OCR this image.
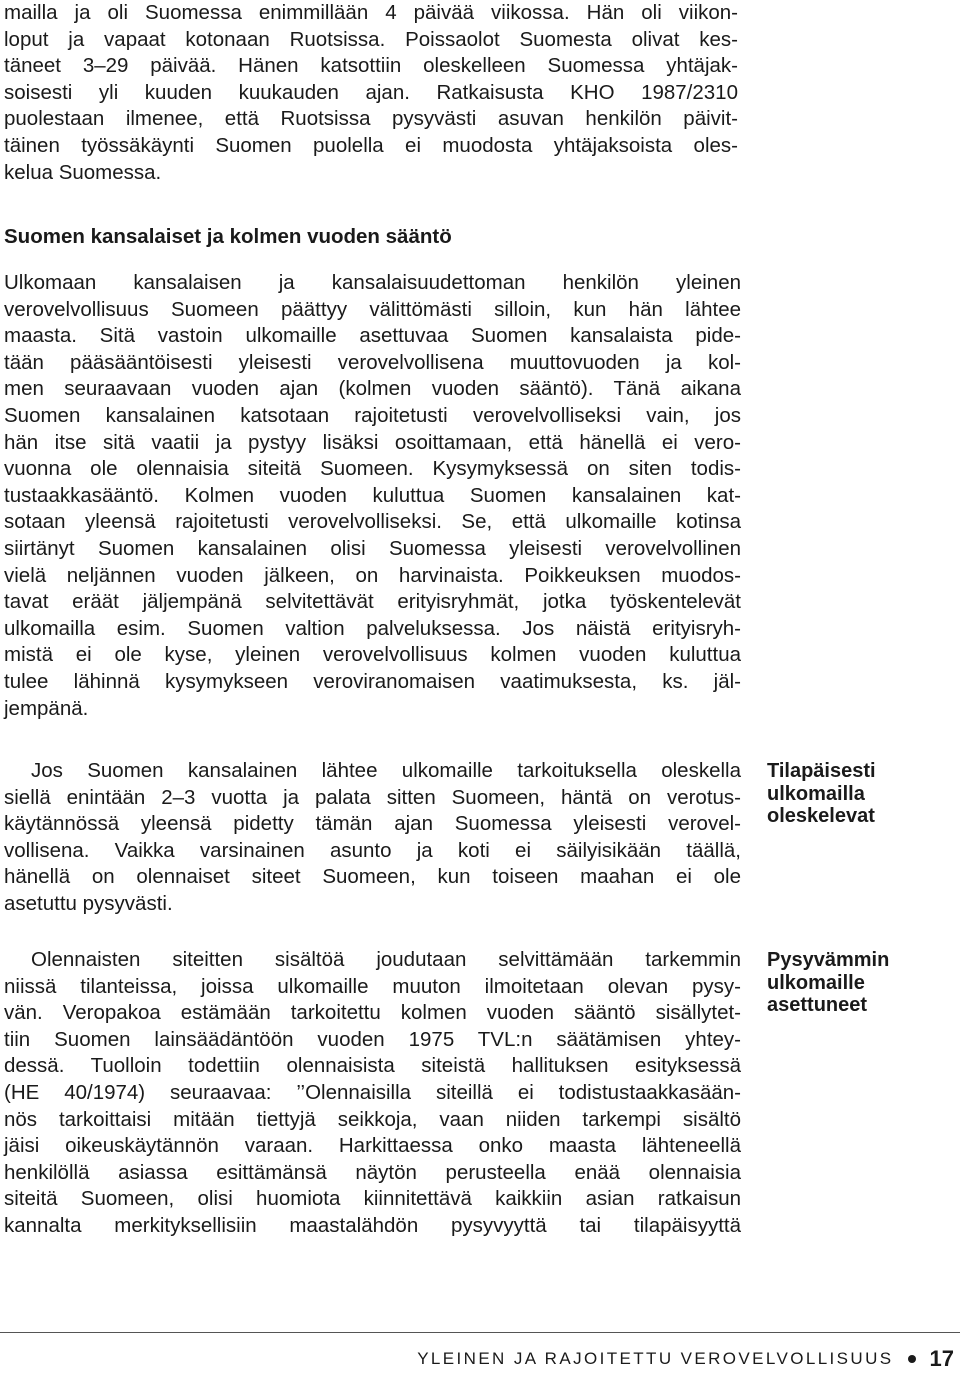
maillа ja oli Suomessa enimmillään 4 päivää viikossa. Hän oli viikon-
loput ja vapaat kotonaan Ruotsissa. Poissaolot Suomesta olivat kes-
täneet 3–29 päivää. Hänen katsottiin oleskelleen Suomessa yhtäjak-
soisesti yli kuuden kuukauden ajan. Ratkaisusta KHO 1987/2310
puolestaan ilmenee, että Ruotsissa pysyvästi asuvan henkilön päivit-
täinen työssäkäynti Suomen puolella ei muodosta yhtäjaksoista oles-
kelua Suomessa.
Suomen kansalaiset ja kolmen vuoden sääntö
Ulkomaan kansalaisen ja kansalaisuudettoman henkilön yleinen
verovelvollisuus Suomeen päättyy välittömästi silloin, kun hän lähtee
maasta. Sitä vastoin ulkomaille asettuvaa Suomen kansalaista pide-
tään pääsääntöisesti yleisesti verovelvollisena muuttovuoden ja kol-
men seuraavaan vuoden ajan (kolmen vuoden sääntö). Tänä aikana
Suomen kansalainen katsotaan rajoitetusti verovelvolliseksi vain, jos
hän itse sitä vaatii ja pystyy lisäksi osoittamaan, että hänellä ei vero-
vuonna ole olennaisia siteitä Suomeen. Kysymyksessä on siten todis-
tustaakkasääntö. Kolmen vuoden kuluttua Suomen kansalainen kat-
sotaan yleensä rajoitetusti verovelvolliseksi. Se, että ulkomaille kotinsa
siirtänyt Suomen kansalainen olisi Suomessa yleisesti verovelvollinen
vielä neljännen vuoden jälkeen, on harvinaista. Poikkeuksen muodos-
tavat eräät jäljempänä selvitettävät erityisryhmät, jotka työskentelevät
ulkomailla esim. Suomen valtion palveluksessa. Jos näistä erityisryh-
mistä ei ole kyse, yleinen verovelvollisuus kolmen vuoden kuluttua
tulee lähinnä kysymykseen veroviranomaisen vaatimuksesta, ks. jäl-
jempänä.
Jos Suomen kansalainen lähtee ulkomaille tarkoituksella oleskella
siellä enintään 2–3 vuotta ja palata sitten Suomeen, häntä on verotus-
käytännössä yleensä pidetty tämän ajan Suomessa yleisesti verovel-
vollisena. Vaikka varsinainen asunto ja koti ei säilyisikään täällä,
hänellä on olennaiset siteet Suomeen, kun toiseen maahan ei ole
asetuttu pysyvästi.
Tilapäisesti
ulkomailla
oleskelevat
Olennaisten siteitten sisältöä joudutaan selvittämään tarkemmin
niissä tilanteissa, joissa ulkomaille muuton ilmoitetaan olevan pysy-
vän. Veropakoa estämään tarkoitettu kolmen vuoden sääntö sisällytet-
tiin Suomen lainsäädäntöön vuoden 1975 TVL:n säätämisen yhtey-
dessä. Tuolloin todettiin olennaisista siteistä hallituksen esityksessä
(HE 40/1974) seuraavaa: ’’Olennaisilla siteillä ei todistustaakkasään-
nös tarkoittaisi mitään tiettyjä seikkoja, vaan niiden tarkempi sisältö
jäisi oikeuskäytännön varaan. Harkittaessa onko maasta lähteneellä
henkilöllä asiassa esittämänsä näytön perusteella enää olennaisia
siteitä Suomeen, olisi huomiota kiinnitettävä kaikkiin asian ratkaisun
kannalta merkityksellisiin maastalähdön pysyvyyttä tai tilapäisyyttä
Pysyvämmin
ulkomaille
asettuneet
YLEINEN JA RAJOITETTU VEROVELVOLLISUUS 17
